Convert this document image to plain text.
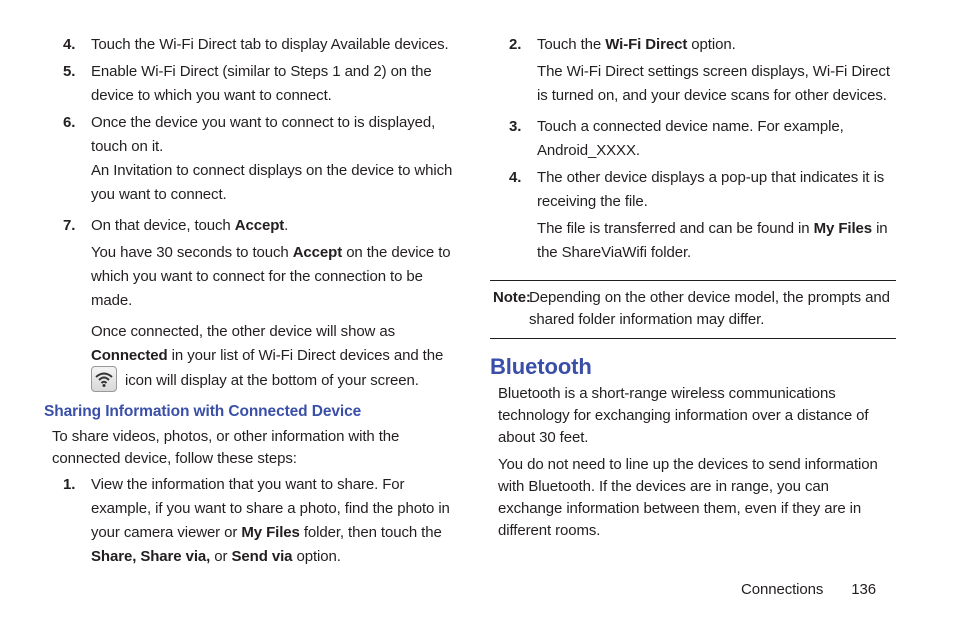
4. Touch the Wi-Fi Direct tab to display Available devices.
5. Enable Wi-Fi Direct (similar to Steps 1 and 2) on the device to which you want to connect.
6. Once the device you want to connect to is displayed, touch on it.
An Invitation to connect displays on the device to which you want to connect.
7. On that device, touch Accept.
You have 30 seconds to touch Accept on the device to which you want to connect for the connection to be made.
Once connected, the other device will show as Connected in your list of Wi-Fi Direct devices and the
icon will display at the bottom of your screen.
Sharing Information with Connected Device
To share videos, photos, or other information with the connected device, follow these steps:
1. View the information that you want to share. For example, if you want to share a photo, find the photo in your camera viewer or My Files folder, then touch the Share, Share via, or Send via option.
2. Touch the Wi-Fi Direct option.
The Wi-Fi Direct settings screen displays, Wi-Fi Direct is turned on, and your device scans for other devices.
3. Touch a connected device name. For example, Android_XXXX.
4. The other device displays a pop-up that indicates it is receiving the file.
The file is transferred and can be found in My Files in the ShareViaWifi folder.
Note:
Depending on the other device model, the prompts and shared folder information may differ.
Bluetooth
Bluetooth is a short-range wireless communications technology for exchanging information over a distance of about 30 feet.
You do not need to line up the devices to send information with Bluetooth. If the devices are in range, you can exchange information between them, even if they are in different rooms.
Connections 136
